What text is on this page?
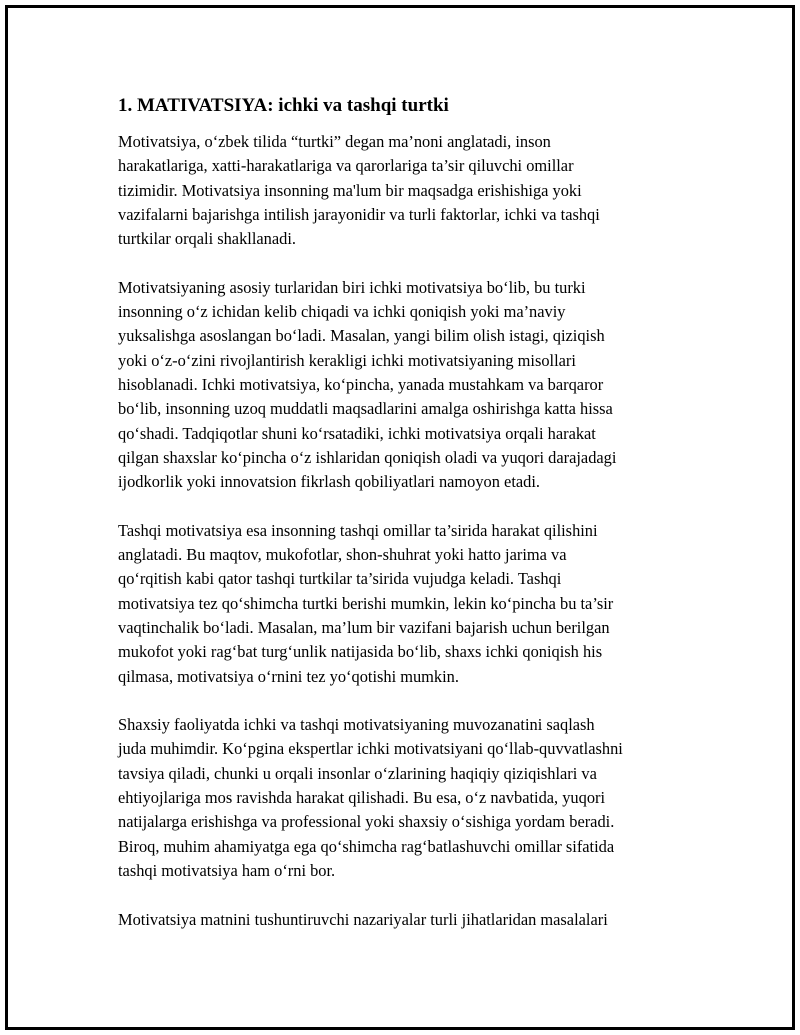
1. MATIVATSIYA: ichki va tashqi turtki

Motivatsiya, o‘zbek tilida “turtki” degan ma’noni anglatadi, inson
harakatlariga, xatti-harakatlariga va qarorlariga ta’sir qiluvchi omillar
tizimidir. Motivatsiya insonning ma'lum bir maqsadga erishishiga yoki
vazifalarni bajarishga intilish jarayonidir va turli faktorlar, ichki va tashqi
turtkilar orqali shakllanadi.

Motivatsiyaning asosiy turlaridan biri ichki motivatsiya bo‘lib, bu turki
insonning o‘z ichidan kelib chiqadi va ichki qoniqish yoki ma’naviy
yuksalishga asoslangan bo‘ladi. Masalan, yangi bilim olish istagi, qiziqish
yoki o‘z-o‘zini rivojlantirish kerakligi ichki motivatsiyaning misollari
hisoblanadi. Ichki motivatsiya, ko‘pincha, yanada mustahkam va barqaror
bo‘lib, insonning uzoq muddatli maqsadlarini amalga oshirishga katta hissa
qo‘shadi. Tadqiqotlar shuni ko‘rsatadiki, ichki motivatsiya orqali harakat
qilgan shaxslar ko‘pincha o‘z ishlaridan qoniqish oladi va yuqori darajadagi
ijodkorlik yoki innovatsion fikrlash qobiliyatlari namoyon etadi.

Tashqi motivatsiya esa insonning tashqi omillar ta’sirida harakat qilishini
anglatadi. Bu maqtov, mukofotlar, shon-shuhrat yoki hatto jarima va
qo‘rqitish kabi qator tashqi turtkilar ta’sirida vujudga keladi. Tashqi
motivatsiya tez qo‘shimcha turtki berishi mumkin, lekin ko‘pincha bu ta’sir
vaqtinchalik bo‘ladi. Masalan, ma’lum bir vazifani bajarish uchun berilgan
mukofot yoki rag‘bat turg‘unlik natijasida bo‘lib, shaxs ichki qoniqish his
qilmasa, motivatsiya o‘rnini tez yo‘qotishi mumkin.

Shaxsiy faoliyatda ichki va tashqi motivatsiyaning muvozanatini saqlash
juda muhimdir. Ko‘pgina ekspertlar ichki motivatsiyani qo‘llab-quvvatlashni
tavsiya qiladi, chunki u orqali insonlar o‘zlarining haqiqiy qiziqishlari va
ehtiyojlariga mos ravishda harakat qilishadi. Bu esa, o‘z navbatida, yuqori
natijalarga erishishga va professional yoki shaxsiy o‘sishiga yordam beradi.
Biroq, muhim ahamiyatga ega qo‘shimcha rag‘batlashuvchi omillar sifatida
tashqi motivatsiya ham o‘rni bor.

Motivatsiya matnini tushuntiruvchi nazariyalar turli jihatlaridan masalalari
